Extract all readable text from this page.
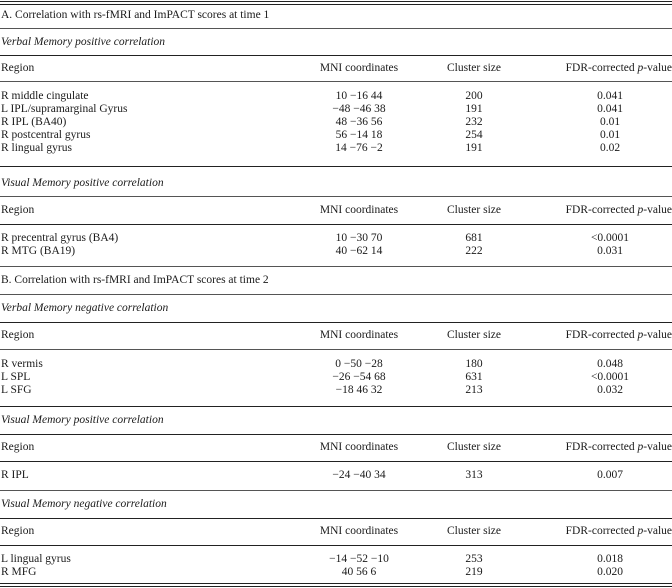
A. Correlation with rs-fMRI and ImPACT scores at time 1
Verbal Memory positive correlation
Region	MNI coordinates	Cluster size	FDR-corrected p-value
R middle cingulate	10 −16 44	200	0.041
L IPL/supramarginal Gyrus	−48 −46 38	191	0.041
R IPL (BA40)	48 −36 56	232	0.01
R postcentral gyrus	56 −14 18	254	0.01
R lingual gyrus	14 −76 −2	191	0.02
Visual Memory positive correlation
Region	MNI coordinates	Cluster size	FDR-corrected p-value
R precentral gyrus (BA4)	10 −30 70	681	<0.0001
R MTG (BA19)	40 −62 14	222	0.031
B. Correlation with rs-fMRI and ImPACT scores at time 2
Verbal Memory negative correlation
Region	MNI coordinates	Cluster size	FDR-corrected p-value
R vermis	0 −50 −28	180	0.048
L SPL	−26 −54 68	631	<0.0001
L SFG	−18 46 32	213	0.032
Visual Memory positive correlation
Region	MNI coordinates	Cluster size	FDR-corrected p-value
R IPL	−24 −40 34	313	0.007
Visual Memory negative correlation
Region	MNI coordinates	Cluster size	FDR-corrected p-value
L lingual gyrus	−14 −52 −10	253	0.018
R MFG	40 56 6	219	0.020
